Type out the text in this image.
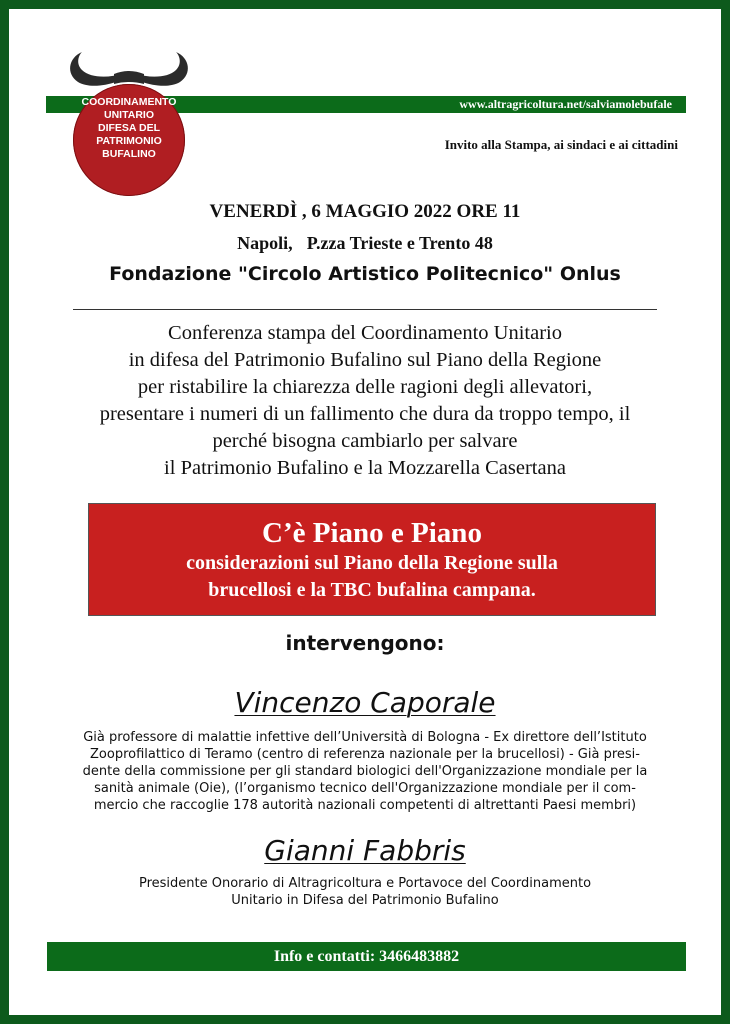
www.altragricoltura.net/salviamolebufale
COORDINAMENTO
UNITARIO
DIFESA DEL
PATRIMONIO
BUFALINO
Invito alla Stampa, ai sindaci e ai cittadini
VENERDÌ , 6 MAGGIO 2022 ORE 11
Napoli, P.zza Trieste e Trento 48
Fondazione "Circolo Artistico Politecnico" Onlus
Conferenza stampa del Coordinamento Unitario
in difesa del Patrimonio Bufalino sul Piano della Regione
per ristabilire la chiarezza delle ragioni degli allevatori,
presentare i numeri di un fallimento che dura da troppo tempo, il
perché bisogna cambiarlo per salvare
il Patrimonio Bufalino e la Mozzarella Casertana
C’è Piano e Piano
considerazioni sul Piano della Regione sulla
brucellosi e la TBC bufalina campana.
intervengono:
Vincenzo Caporale
Già professore di malattie infettive dell’Università di Bologna - Ex direttore dell’Istituto
Zooprofilattico di Teramo (centro di referenza nazionale per la brucellosi) - Già presi-
dente della commissione per gli standard biologici dell'Organizzazione mondiale per la
sanità animale (Oie), (l’organismo tecnico dell'Organizzazione mondiale per il com-
mercio che raccoglie 178 autorità nazionali competenti di altrettanti Paesi membri)
Gianni Fabbris
Presidente Onorario di Altragricoltura e Portavoce del Coordinamento
Unitario in Difesa del Patrimonio Bufalino
Info e contatti: 3466483882
